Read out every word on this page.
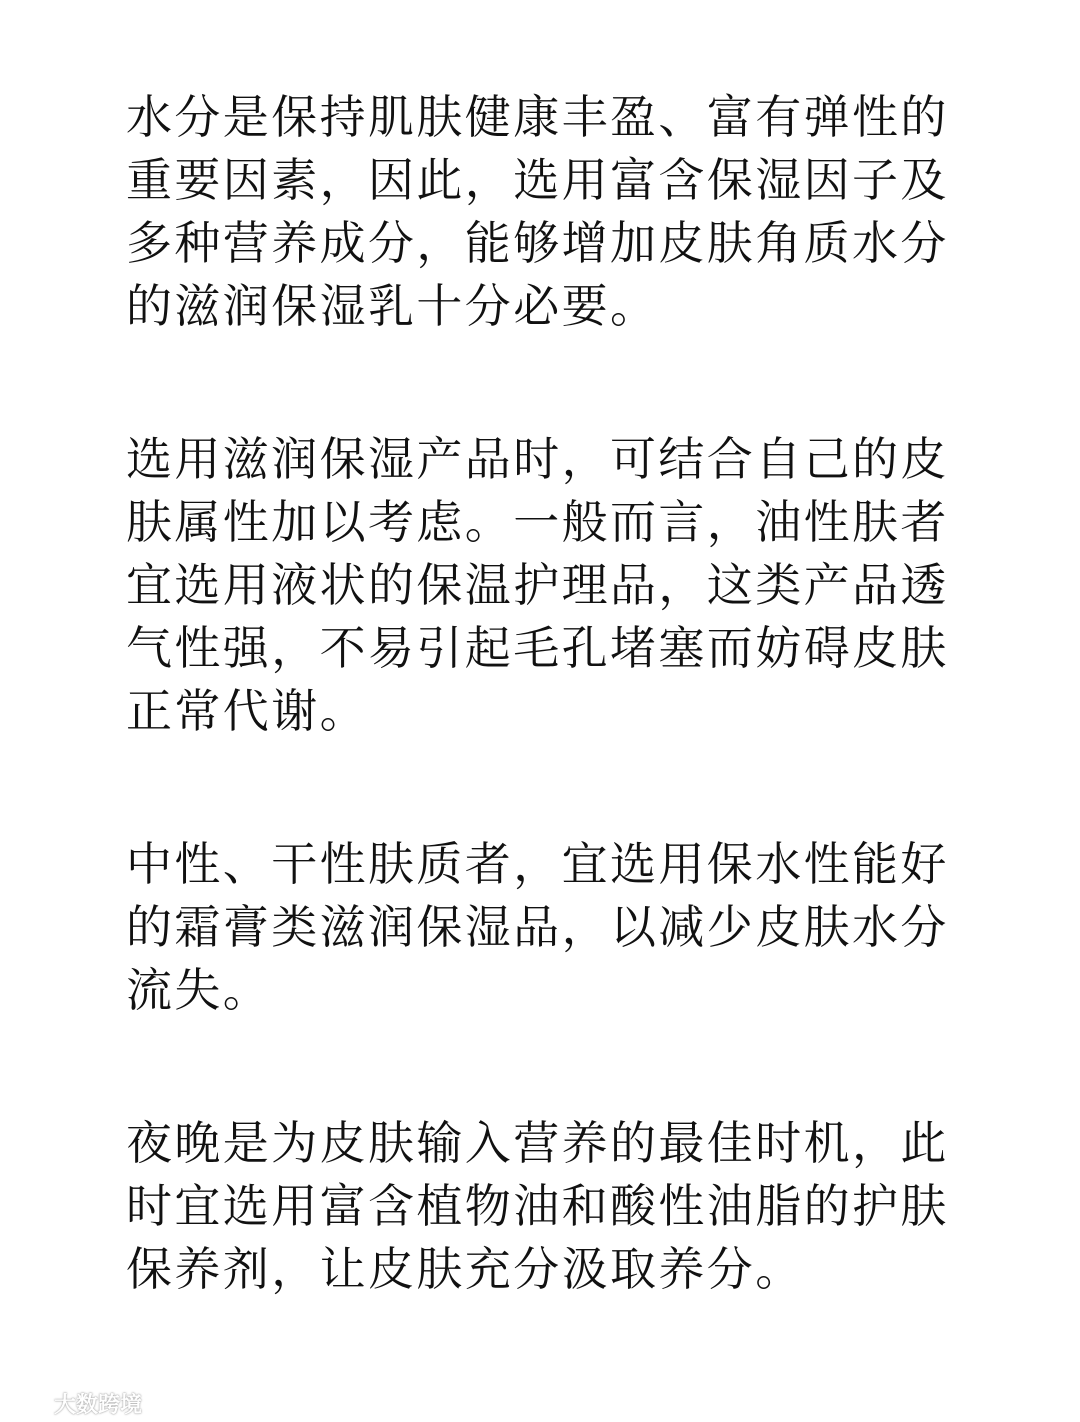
水分是保持肌肤健康丰盈、富有弹性的重要因素，因此，选用富含保湿因子及多种营养成分，能够增加皮肤角质水分的滋润保湿乳十分必要。

选用滋润保湿产品时，可结合自己的皮肤属性加以考虑。一般而言，油性肤者宜选用液状的保温护理品，这类产品透气性强，不易引起毛孔堵塞而妨碍皮肤正常代谢。

中性、干性肤质者，宜选用保水性能好的霜膏类滋润保湿品，以减少皮肤水分流失。

夜晚是为皮肤输入营养的最佳时机，此时宜选用富含植物油和酸性油脂的护肤保养剂，让皮肤充分汲取养分。

大数跨境
